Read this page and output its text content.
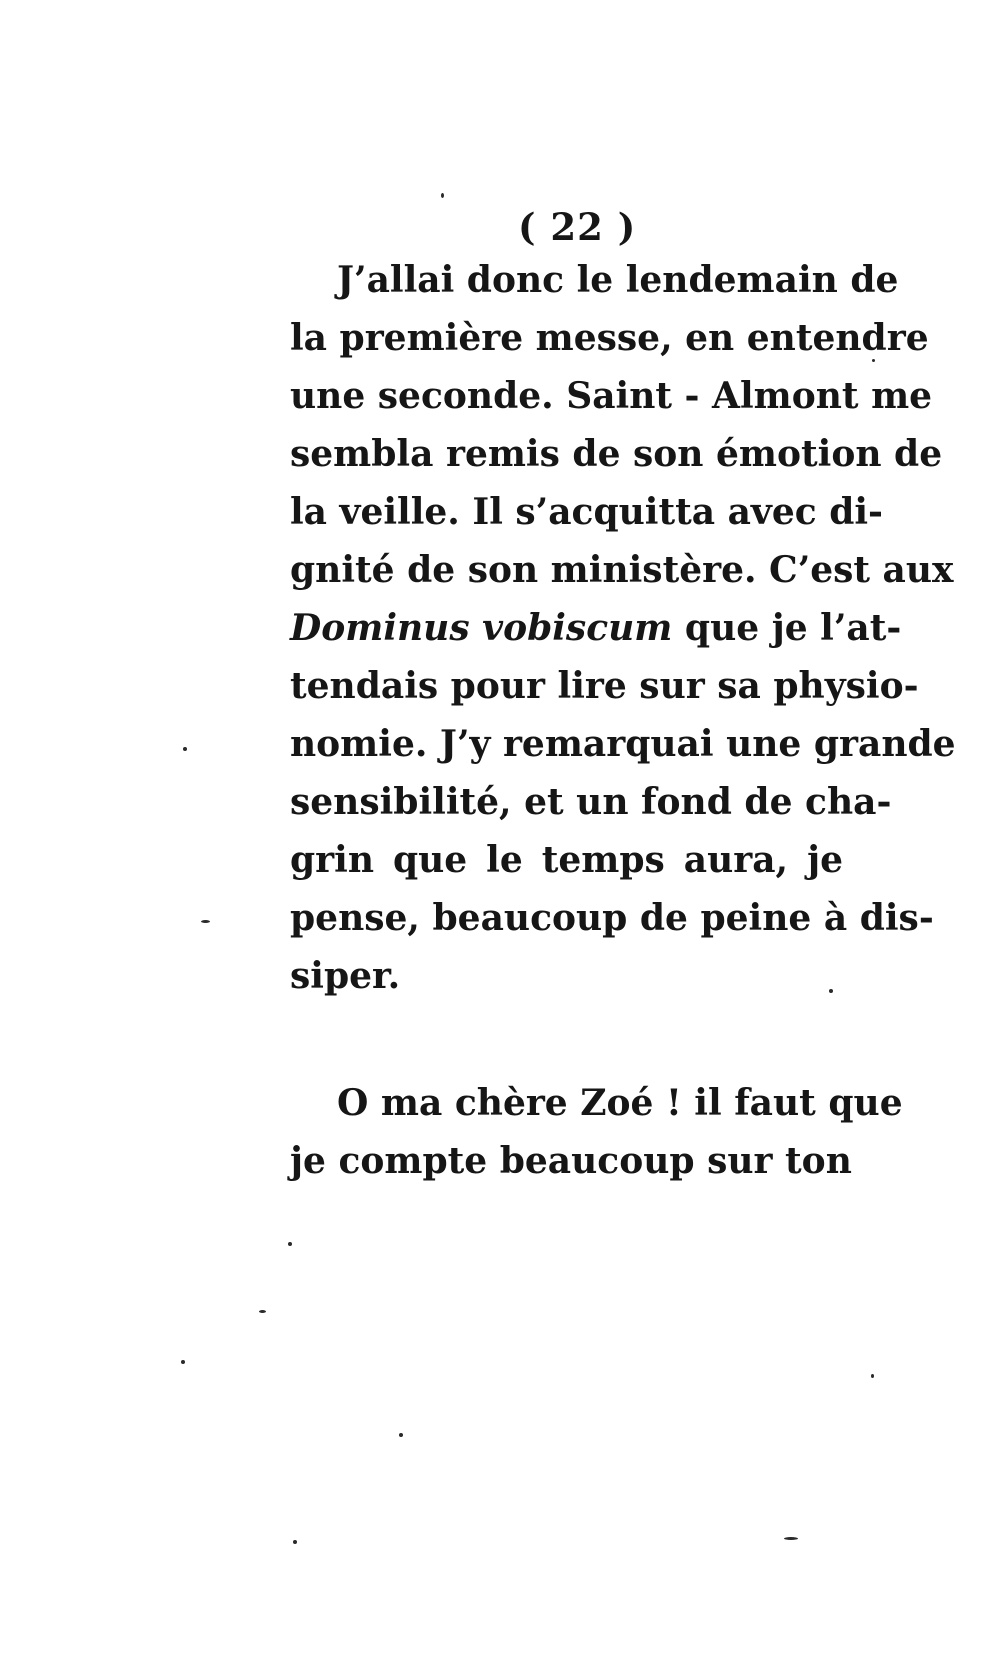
( 22 )
J’allai donc le lendemain de
la première messe, en entendre
une seconde. Saint - Almont me
sembla remis de son émotion de
la veille. Il s’acquitta avec di-
gnité de son ministère. C’est aux
Dominus vobiscum que je l’at-
tendais pour lire sur sa physio-
nomie. J’y remarquai une grande
sensibilité, et un fond de cha-
grin que le temps aura, je
pense, beaucoup de peine à dis-
siper.
O ma chère Zoé ! il faut que
je compte beaucoup sur ton
